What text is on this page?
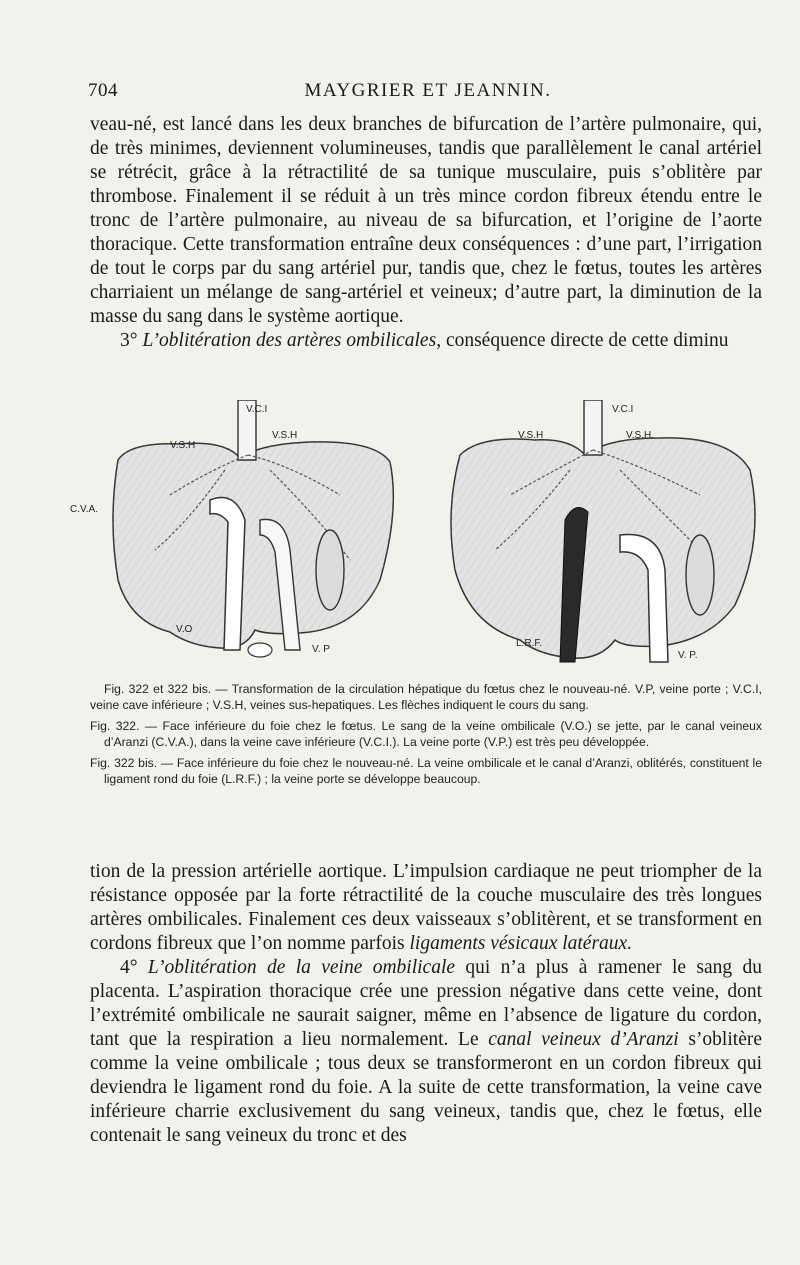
704	MAYGRIER ET JEANNIN.

veau-né, est lancé dans les deux branches de bifurcation de l’artère pulmonaire, qui, de très minimes, deviennent volumineuses, tandis que parallèlement le canal artériel se rétrécit, grâce à la rétractilité de sa tunique musculaire, puis s’oblitère par thrombose. Finalement il se réduit à un très mince cordon fibreux étendu entre le tronc de l’artère pulmonaire, au niveau de sa bifurcation, et l’origine de l’aorte thoracique. Cette transformation entraîne deux conséquences : d’une part, l’irrigation de tout le corps par du sang artériel pur, tandis que, chez le fœtus, toutes les artères charriaient un mélange de sang-artériel et veineux; d’autre part, la diminution de la masse du sang dans le système aortique.

3° L’oblitération des artères ombilicales, conséquence directe de cette diminu

V.C.I
V.S.H
V.S.H
C.V.A.
V.O
V. P
V.C.I
V.S.H	V.S.H.
L.R.F.
V. P.

Fig. 322 et 322 bis. — Transformation de la circulation hépatique du fœtus chez le nouveau-né. V.P, veine porte ; V.C.I, veine cave inférieure ; V.S.H, veines sus-hepatiques. Les flèches indiquent le cours du sang.

Fig. 322. — Face inférieure du foie chez le fœtus. Le sang de la veine ombilicale (V.O.) se jette, par le canal veineux d’Aranzi (C.V.A.), dans la veine cave inférieure (V.C.I.). La veine porte (V.P.) est très peu développée.

Fig. 322 bis. — Face inférieure du foie chez le nouveau-né. La veine ombilicale et le canal d’Aranzi, oblitérés, constituent le ligament rond du foie (L.R.F.) ; la veine porte se développe beaucoup.

tion de la pression artérielle aortique. L’impulsion cardiaque ne peut triompher de la résistance opposée par la forte rétractilité de la couche musculaire des très longues artères ombilicales. Finalement ces deux vaisseaux s’oblitèrent, et se transforment en cordons fibreux que l’on nomme parfois ligaments vésicaux latéraux.

4° L’oblitération de la veine ombilicale qui n’a plus à ramener le sang du placenta. L’aspiration thoracique crée une pression négative dans cette veine, dont l’extrémité ombilicale ne saurait saigner, même en l’absence de ligature du cordon, tant que la respiration a lieu normalement. Le canal veineux d’Aranzi s’oblitère comme la veine ombilicale ; tous deux se transformeront en un cordon fibreux qui deviendra le ligament rond du foie. A la suite de cette transformation, la veine cave inférieure charrie exclusivement du sang veineux, tandis que, chez le fœtus, elle contenait le sang veineux du tronc et des
